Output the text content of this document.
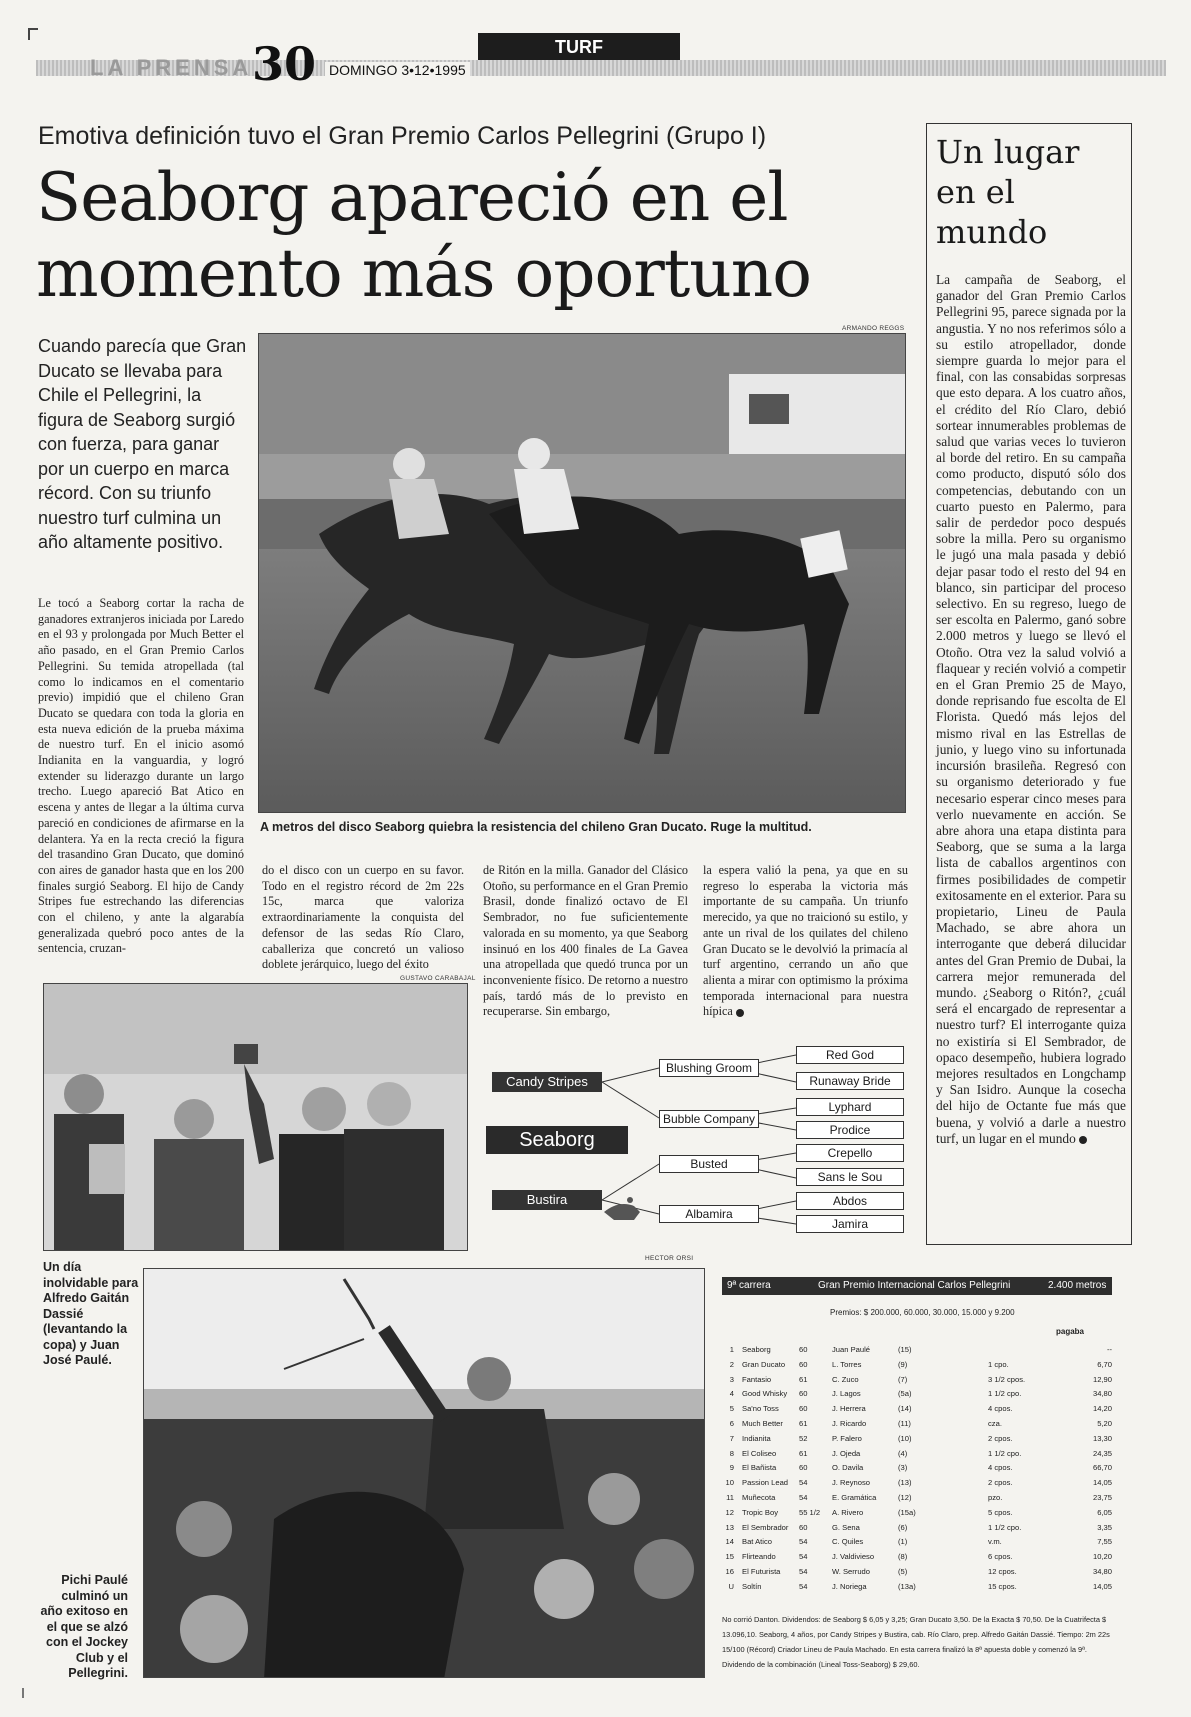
TURF
LA PRENSA 30 DOMINGO 3•12•1995
Emotiva definición tuvo el Gran Premio Carlos Pellegrini (Grupo I)
Seaborg apareció en el momento más oportuno
Cuando parecía que Gran Ducato se llevaba para Chile el Pellegrini, la figura de Seaborg surgió con fuerza, para ganar por un cuerpo en marca récord. Con su triunfo nuestro turf culmina un año altamente positivo.
ARMANDO REGGS
A metros del disco Seaborg quiebra la resistencia del chileno Gran Ducato. Ruge la multitud.
Le tocó a Seaborg cortar la racha de ganadores extranjeros iniciada por Laredo en el 93 y prolongada por Much Better el año pasado, en el Gran Premio Carlos Pellegrini. Su temida atropellada (tal como lo indicamos en el comentario previo) impidió que el chileno Gran Ducato se quedara con toda la gloria en esta nueva edición de la prueba máxima de nuestro turf. En el inicio asomó Indianita en la vanguardia, y logró extender su liderazgo durante un largo trecho. Luego apareció Bat Atico en escena y antes de llegar a la última curva pareció en condiciones de afirmarse en la delantera. Ya en la recta creció la figura del trasandino Gran Ducato, que dominó con aires de ganador hasta que en los 200 finales surgió Seaborg. El hijo de Candy Stripes fue estrechando las diferencias con el chileno, y ante la algarabía generalizada quebró poco antes de la sentencia, cruzan-
do el disco con un cuerpo en su favor. Todo en el registro récord de 2m 22s 15c, marca que valoriza extraordinariamente la conquista del defensor de las sedas Río Claro, caballeriza que concretó un valioso doblete jerárquico, luego del éxito
GUSTAVO CARABAJAL
de Ritón en la milla. Ganador del Clásico Otoño, su performance en el Gran Premio Brasil, donde finalizó octavo de El Sembrador, no fue suficientemente valorada en su momento, ya que Seaborg insinuó en los 400 finales de La Gavea una atropellada que quedó trunca por un inconveniente físico. De retorno a nuestro país, tardó más de lo previsto en recuperarse. Sin embargo,
la espera valió la pena, ya que en su regreso lo esperaba la victoria más importante de su campaña. Un triunfo merecido, ya que no traicionó su estilo, y ante un rival de los quilates del chileno Gran Ducato se le devolvió la primacía al turf argentino, cerrando un año que alienta a mirar con optimismo la próxima temporada internacional para nuestra hípica
Candy Stripes
Seaborg
Bustira
Blushing Groom
Bubble Company
Busted
Albamira
Red God
Runaway Bride
Lyphard
Prodice
Crepello
Sans le Sou
Abdos
Jamira
HECTOR ORSI
Un lugar en el mundo
La campaña de Seaborg, el ganador del Gran Premio Carlos Pellegrini 95, parece signada por la angustia. Y no nos referimos sólo a su estilo atropellador, donde siempre guarda lo mejor para el final, con las consabidas sorpresas que esto depara. A los cuatro años, el crédito del Río Claro, debió sortear innumerables problemas de salud que varias veces lo tuvieron al borde del retiro. En su campaña como producto, disputó sólo dos competencias, debutando con un cuarto puesto en Palermo, para salir de perdedor poco después sobre la milla. Pero su organismo le jugó una mala pasada y debió dejar pasar todo el resto del 94 en blanco, sin participar del proceso selectivo. En su regreso, luego de ser escolta en Palermo, ganó sobre 2.000 metros y luego se llevó el Otoño. Otra vez la salud volvió a flaquear y recién volvió a competir en el Gran Premio 25 de Mayo, donde reprisando fue escolta de El Florista. Quedó más lejos del mismo rival en las Estrellas de junio, y luego vino su infortunada incursión brasileña. Regresó con su organismo deteriorado y fue necesario esperar cinco meses para verlo nuevamente en acción. Se abre ahora una etapa distinta para Seaborg, que se suma a la larga lista de caballos argentinos con firmes posibilidades de competir exitosamente en el exterior. Para su propietario, Lineu de Paula Machado, se abre ahora un interrogante que deberá dilucidar antes del Gran Premio de Dubai, la carrera mejor remunerada del mundo. ¿Seaborg o Ritón?, ¿cuál será el encargado de representar a nuestro turf? El interrogante quiza no existiría si El Sembrador, de opaco desempeño, hubiera logrado mejores resultados en Longchamp y San Isidro. Aunque la cosecha del hijo de Octante fue más que buena, y volvió a darle a nuestro turf, un lugar en el mundo
Un día inolvidable para Alfredo Gaitán Dassié (levantando la copa) y Juan José Paulé.
Pichi Paulé culminó un año exitoso en el que se alzó con el Jockey Club y el Pellegrini.
9ª carrera	Gran Premio Internacional Carlos Pellegrini	2.400 metros
Premios: $ 200.000, 60.000, 30.000, 15.000 y 9.200
pagaba
1 Seaborg	60	Juan Paulé	(15)	--
2 Gran Ducato 60	L. Torres	(9)	1 cpo.	6,70
3 Fantasio	61	C. Zuco	(7)	3 1/2 cpos.	12,90
4 Good Whisky 60	J. Lagos	(5a)	1 1/2 cpo.	34,80
5 Sa'no Toss	60	J. Herrera	(14)	4 cpos.	14,20
6 Much Better 61	J. Ricardo	(11)	cza.	5,20
7 Indianita	52	P. Falero	(10)	2 cpos.	13,30
8 El Coliseo	61	J. Ojeda	(4)	1 1/2 cpo.	24,35
9 El Bañista	60	O. Davila	(3)	4 cpos.	66,70
10 Passion Lead 54	J. Reynoso	(13)	2 cpos.	14,05
11 Muñecota	54	E. Gramática	(12)	pzo.	23,75
12 Tropic Boy	55 1/2 A. Rivero	(15a)	5 cpos.	6,05
13 El Sembrador 60	G. Sena	(6)	1 1/2 cpo.	3,35
14 Bat Atico	54	C. Quiles	(1)	v.m.	7,55
15 Flirteando	54	J. Valdivieso	(8)	6 cpos.	10,20
16 El Futurista 54	W. Serrudo	(5)	12 cpos.	34,80
U Soltín	54	J. Noriega	(13a)	15 cpos.	14,05
No corrió Danton. Dividendos: de Seaborg $ 6,05 y 3,25; Gran Ducato 3,50. De la Exacta $ 70,50. De la Cuatrifecta $ 13.096,10. Seaborg, 4 años, por Candy Stripes y Bustira, cab. Río Claro, prep. Alfredo Gaitán Dassié. Tiempo: 2m 22s 15/100 (Récord) Criador Lineu de Paula Machado. En esta carrera finalizó la 8ª apuesta doble y comenzó la 9ª. Dividendo de la combinación (Lineal Toss-Seaborg) $ 29,60.
